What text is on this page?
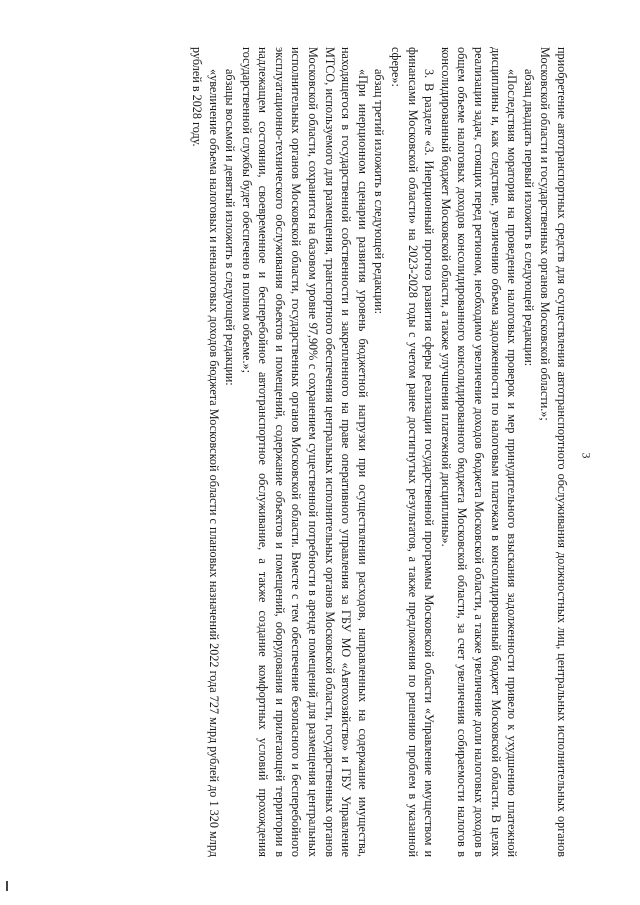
3

приобретение автотранспортных средств для осуществления автотранспортного обслуживания должностных лиц, центральных исполнительных органов Московской области и государственных органов Московской области.»;

абзац двадцать первый изложить в следующей редакции:

«Последствия моратория на проведение налоговых проверок и мер принудительного взыскания задолженности привело к ухудшению платежной дисциплины и, как следствие, увеличению объема задолженности по налоговым платежам в консолидированный бюджет Московской области. В целях реализации задач, стоящих перед регионом, необходимо увеличение доходов бюджета Московской области, а также увеличение доли налоговых доходов в общем объеме налоговых доходов консолидированного консолидированного бюджета Московской области, за счет увеличения собираемости налогов в консолидированный бюджет Московской области, а также улучшения платежной дисциплины».

3. В разделе «3. Инерционный прогноз развития сферы реализации государственной программы Московской области «Управление имуществом и финансами Московской области» на 2023-2028 годы с учетом ранее достигнутых результатов, а также предложения по решению проблем в указанной сфере»:

абзац третий изложить в следующей редакции:

«При инерционном сценарии развития уровень бюджетной нагрузки при осуществлении расходов, направленных на содержание имущества, находящегося в государственной собственности и закрепленного на праве оперативного управления за ГБУ МО «Автохозяйство» и ГБУ Управление МТСО, используемого для размещения, транспортного обеспечения центральных исполнительных органов Московской области, государственных органов Московской области, сохранится на базовом уровне 97,90% с сохранением существенной потребности в аренде помещений для размещения центральных исполнительных органов Московской области, государственных органов Московской области. Вместе с тем обеспечение безопасного и бесперебойного эксплуатационно-технического обслуживания объектов и помещений, содержание объектов и помещений, оборудования и прилегающей территории в надлежащем состоянии, своевременное и бесперебойное автотранспортное обслуживание, а также создание комфортных условий прохождения государственной службы будет обеспечено в полном объеме.»;

абзацы восьмой и девятый изложить в следующей редакции:

«увеличение объема налоговых и неналоговых доходов бюджета Московской области с плановых назначений 2022 года 727 млрд рублей до 1 320 млрд рублей в 2028 году.
